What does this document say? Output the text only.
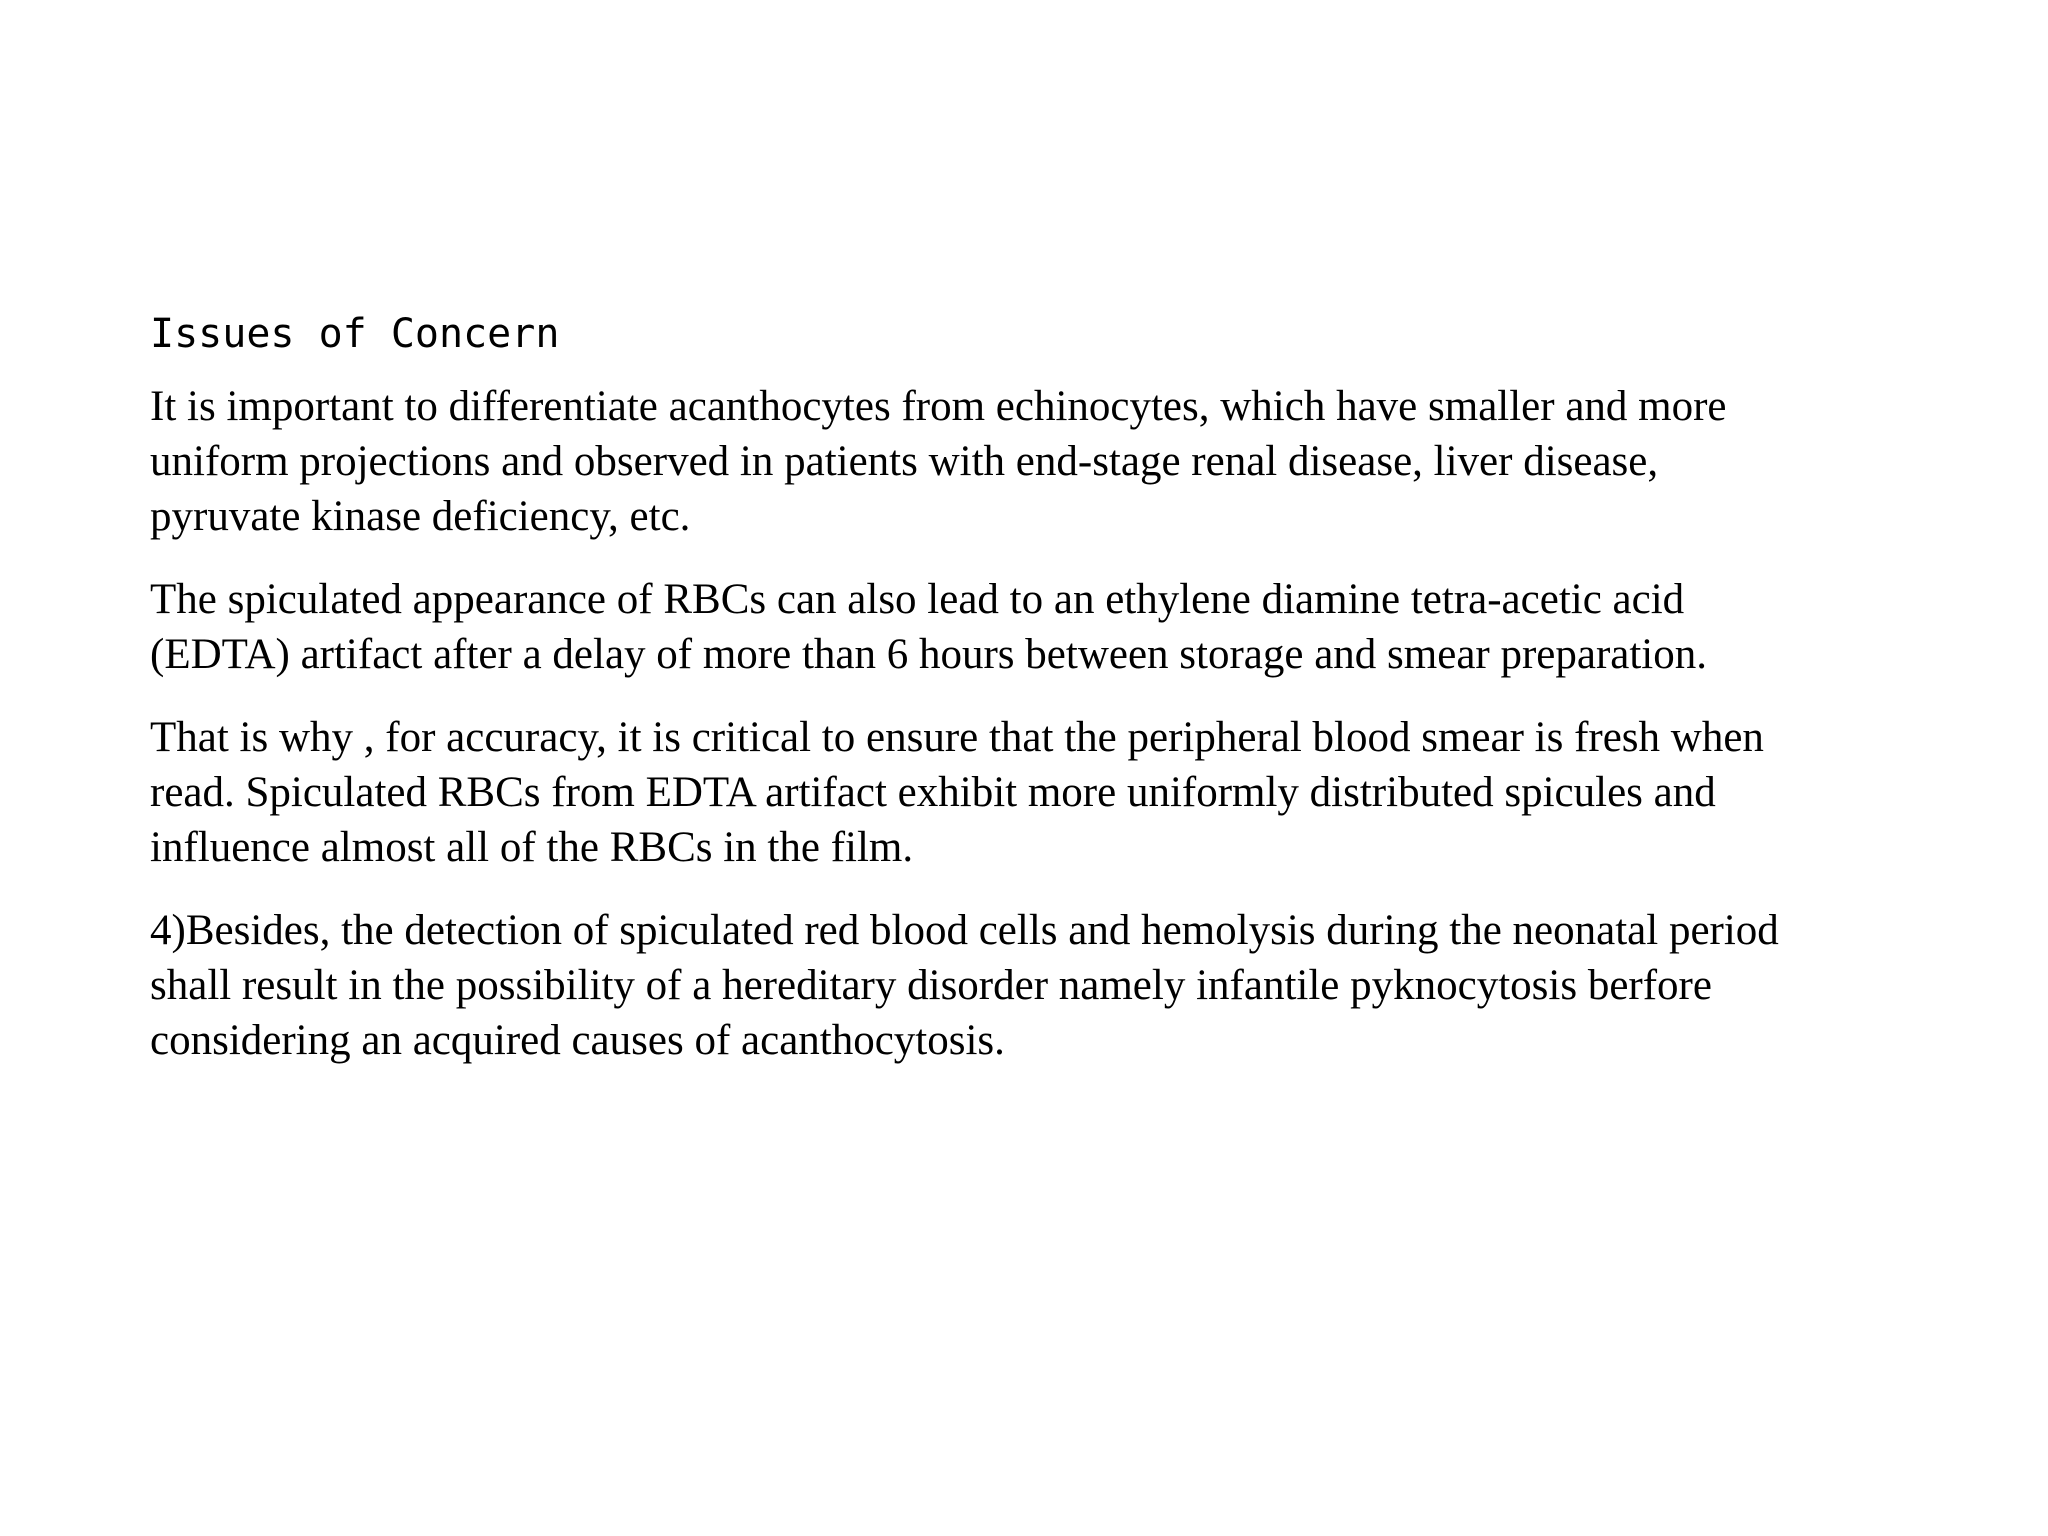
Issues of Concern

It is important to differentiate acanthocytes from echinocytes, which have smaller and more
uniform projections and observed in patients with end-stage renal disease, liver disease,
pyruvate kinase deficiency, etc.

The spiculated appearance of RBCs can also lead to an ethylene diamine tetra-acetic acid
(EDTA) artifact after a delay of more than 6 hours between storage and smear preparation.

That is why , for accuracy, it is critical to ensure that the peripheral blood smear is fresh when
read. Spiculated RBCs from EDTA artifact exhibit more uniformly distributed spicules and
influence almost all of the RBCs in the film.

4)Besides, the detection of spiculated red blood cells and hemolysis during the neonatal period
shall result in the possibility of a hereditary disorder namely infantile pyknocytosis berfore
considering an acquired causes of acanthocytosis.
